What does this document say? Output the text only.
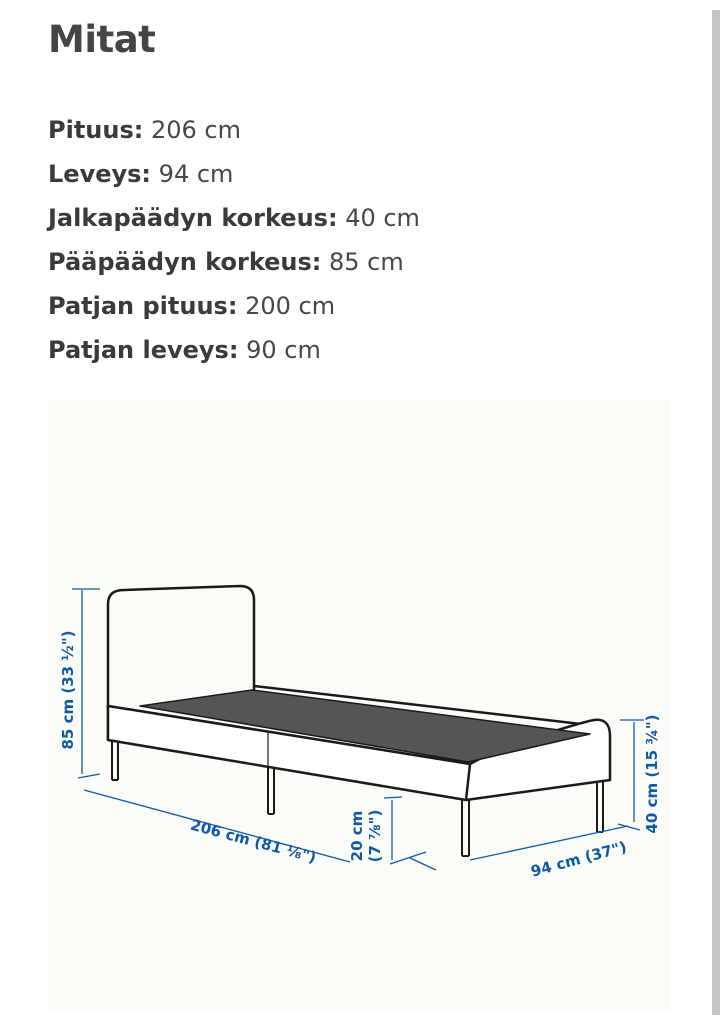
Mitat
Pituus: 206 cm
Leveys: 94 cm
Jalkapäädyn korkeus: 40 cm
Pääpäädyn korkeus: 85 cm
Patjan pituus: 200 cm
Patjan leveys: 90 cm
85 cm (33 ½")
206 cm (81 ⅛") 20 cm (7 ⅞")	94 cm (37")
40 cm (15 ¾")
